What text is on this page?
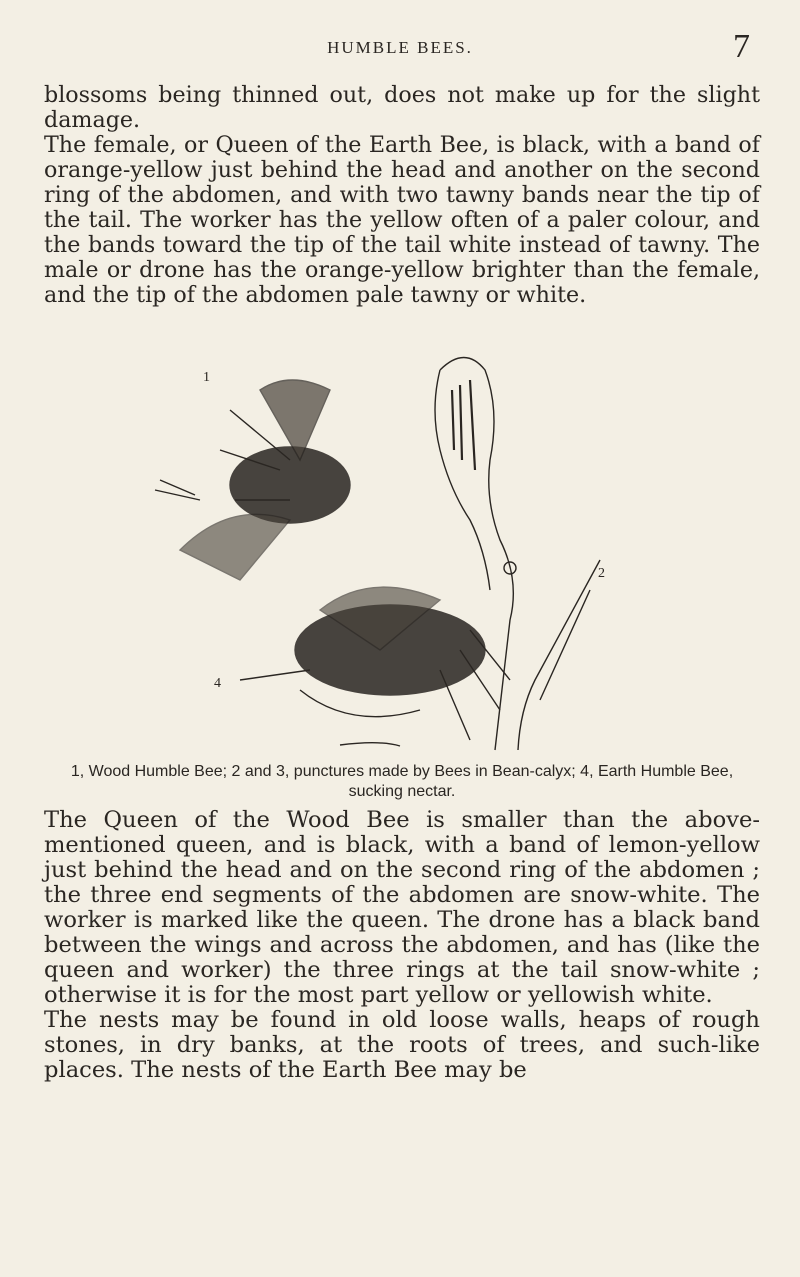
HUMBLE BEES.	7

blossoms being thinned out, does not make up for the slight damage.

The female, or Queen of the Earth Bee, is black, with a band of orange-yellow just behind the head and another on the second ring of the abdomen, and with two tawny bands near the tip of the tail. The worker has the yellow often of a paler colour, and the bands toward the tip of the tail white instead of tawny. The male or drone has the orange-yellow brighter than the female, and the tip of the abdomen pale tawny or white.

1
2
4
1, Wood Humble Bee; 2 and 3, punctures made by Bees in Bean-calyx; 4, Earth Humble Bee, sucking nectar.

The Queen of the Wood Bee is smaller than the above-mentioned queen, and is black, with a band of lemon-yellow just behind the head and on the second ring of the abdomen ; the three end segments of the abdomen are snow-white. The worker is marked like the queen. The drone has a black band between the wings and across the abdomen, and has (like the queen and worker) the three rings at the tail snow-white ; otherwise it is for the most part yellow or yellowish white.

The nests may be found in old loose walls, heaps of rough stones, in dry banks, at the roots of trees, and such-like places. The nests of the Earth Bee may be
